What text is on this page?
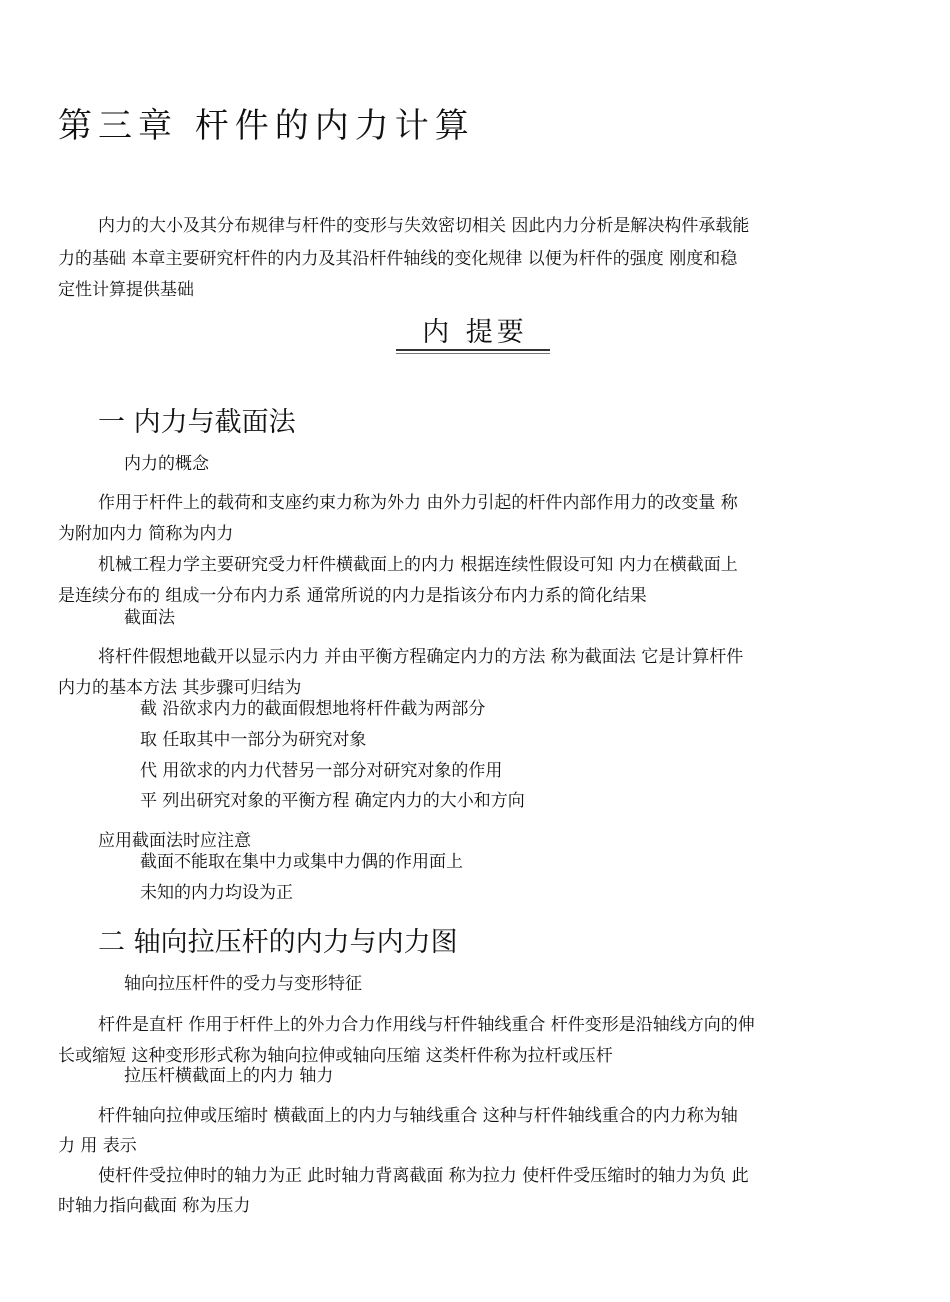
第三章 杆件的内力计算
内力的大小及其分布规律与杆件的变形与失效密切相关 因此内力分析是解决构件承载能
力的基础 本章主要研究杆件的内力及其沿杆件轴线的变化规律 以便为杆件的强度 刚度和稳
定性计算提供基础
内 提要
一 内力与截面法
内力的概念
作用于杆件上的载荷和支座约束力称为外力 由外力引起的杆件内部作用力的改变量 称
为附加内力 简称为内力
机械工程力学主要研究受力杆件横截面上的内力 根据连续性假设可知 内力在横截面上
是连续分布的 组成一分布内力系 通常所说的内力是指该分布内力系的简化结果
截面法
将杆件假想地截开以显示内力 并由平衡方程确定内力的方法 称为截面法 它是计算杆件
内力的基本方法 其步骤可归结为
截 沿欲求内力的截面假想地将杆件截为两部分
取 任取其中一部分为研究对象
代 用欲求的内力代替另一部分对研究对象的作用
平 列出研究对象的平衡方程 确定内力的大小和方向
应用截面法时应注意
截面不能取在集中力或集中力偶的作用面上
未知的内力均设为正
二 轴向拉压杆的内力与内力图
轴向拉压杆件的受力与变形特征
杆件是直杆 作用于杆件上的外力合力作用线与杆件轴线重合 杆件变形是沿轴线方向的伸
长或缩短 这种变形形式称为轴向拉伸或轴向压缩 这类杆件称为拉杆或压杆
拉压杆横截面上的内力 轴力
杆件轴向拉伸或压缩时 横截面上的内力与轴线重合 这种与杆件轴线重合的内力称为轴
力 用 表示
使杆件受拉伸时的轴力为正 此时轴力背离截面 称为拉力 使杆件受压缩时的轴力为负 此
时轴力指向截面 称为压力
